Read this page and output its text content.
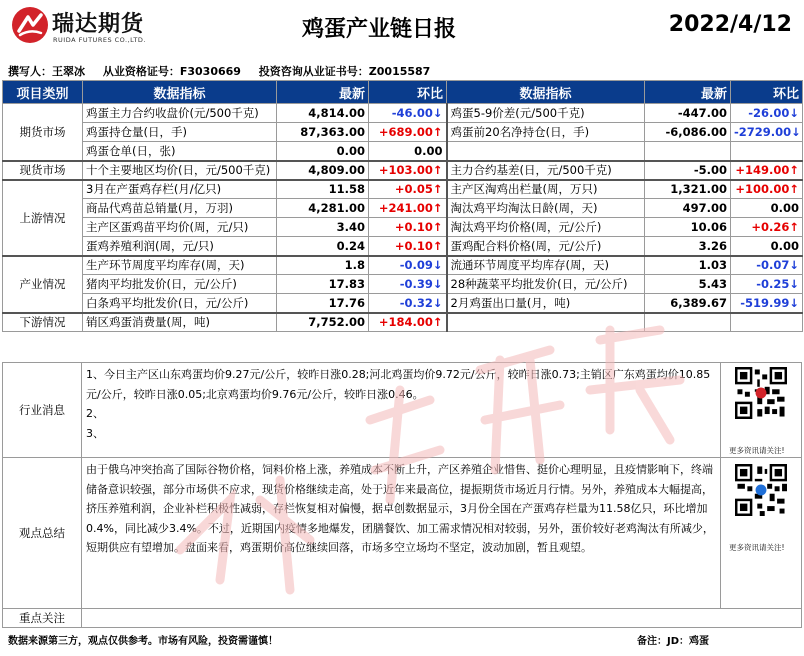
瑞达期货
RUIDA FUTURES CO.,LTD.	鸡蛋产业链日报	2022/4/12
撰写人：王翠冰 从业资格证号：F3030669 投资咨询从业证书号：Z0015587
项目类别	数据指标	最新	环比	数据指标	最新	环比
期货市场	鸡蛋主力合约收盘价(元/500千克)	4,814.00	-46.00↓	鸡蛋5-9价差(元/500千克)	-447.00	-26.00↓
	鸡蛋持仓量(日，手)	87,363.00	+689.00↑	鸡蛋前20名净持仓(日，手)	-6,086.00	-2729.00↓
	鸡蛋仓单(日，张)	0.00	0.00			
现货市场	十个主要地区均价(日，元/500千克)	4,809.00	+103.00↑	主力合约基差(日，元/500千克)	-5.00	+149.00↑
上游情况	3月在产蛋鸡存栏(月/亿只)	11.58	+0.05↑	主产区淘鸡出栏量(周，万只)	1,321.00	+100.00↑
	商品代鸡苗总销量(月，万羽)	4,281.00	+241.00↑	淘汰鸡平均淘汰日龄(周，天)	497.00	0.00
	主产区蛋鸡苗平均价(周，元/只)	3.40	+0.10↑	淘汰鸡平均价格(周，元/公斤)	10.06	+0.26↑
	蛋鸡养殖利润(周，元/只)	0.24	+0.10↑	蛋鸡配合料价格(周，元/公斤)	3.26	0.00
产业情况	生产环节周度平均库存(周，天)	1.8	-0.09↓	流通环节周度平均库存(周，天)	1.03	-0.07↓
	猪肉平均批发价(日，元/公斤)	17.83	-0.39↓	28种蔬菜平均批发价(日，元/公斤)	5.43	-0.25↓
	白条鸡平均批发价(日，元/公斤)	17.76	-0.32↓	2月鸡蛋出口量(月，吨)	6,389.67	-519.99↓
下游情况	销区鸡蛋消费量(周，吨)	7,752.00	+184.00↑			
行业消息
1、今日主产区山东鸡蛋均价9.27元/公斤，较昨日涨0.28;河北鸡蛋均价9.72元/公斤，较昨日涨0.73;主销区广东鸡蛋均价10.85元/公斤，较昨日涨0.05;北京鸡蛋均价9.76元/公斤，较昨日涨0.46。
2、
3、
更多资讯请关注!
观点总结
由于俄乌冲突抬高了国际谷物价格，饲料价格上涨，养殖成本不断上升，产区养殖企业惜售、挺价心理明显，且疫情影响下，终端储备意识较强，部分市场供不应求，现货价格继续走高，处于近年来最高位，提振期货市场近月行情。另外，养殖成本大幅提高，挤压养殖利润，企业补栏积极性减弱，存栏恢复相对偏慢，据卓创数据显示，3月份全国在产蛋鸡存栏量为11.58亿只，环比增加0.4%，同比减少3.4%。不过，近期国内疫情多地爆发，团膳餐饮、加工需求情况相对较弱，另外，蛋价较好老鸡淘汰有所减少，短期供应有望增加。盘面来看，鸡蛋期价高位继续回落，市场多空立场均不坚定，波动加剧，暂且观望。	更多资讯请关注!
重点关注
数据来源第三方，观点仅供参考。市场有风险，投资需谨慎！	备注：JD：鸡蛋
